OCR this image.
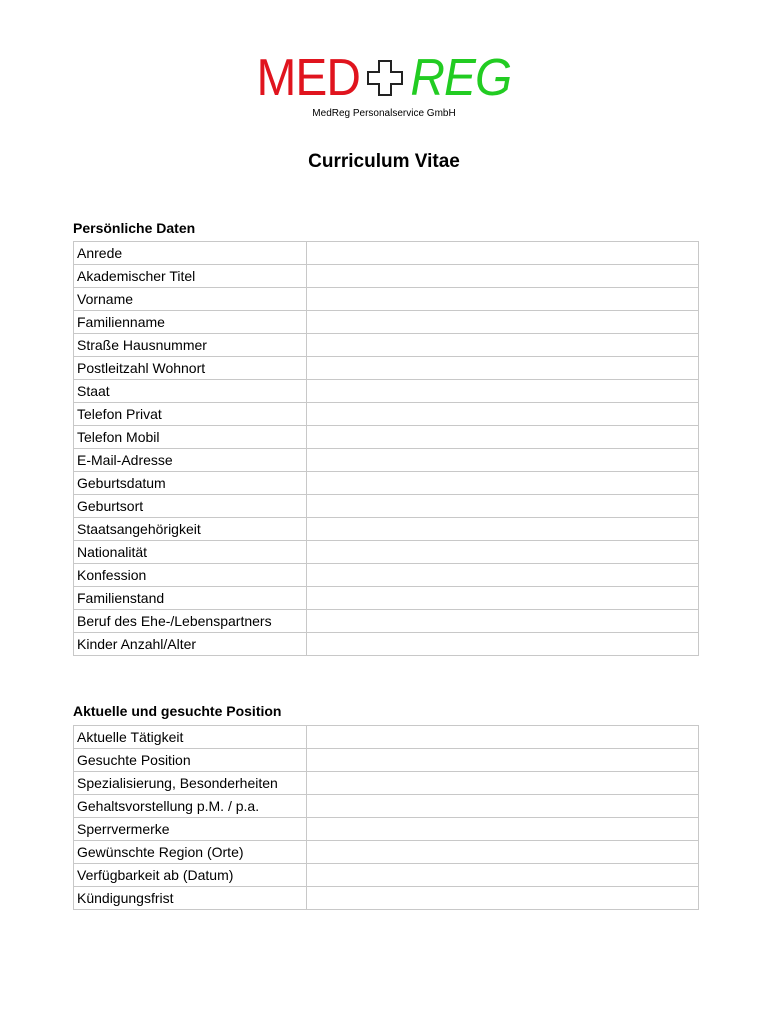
MED REG
MedReg Personalservice GmbH
Curriculum Vitae
Persönliche Daten
Anrede	
Akademischer Titel	
Vorname	
Familienname	
Straße Hausnummer	
Postleitzahl Wohnort	
Staat	
Telefon Privat	
Telefon Mobil	
E-Mail-Adresse	
Geburtsdatum	
Geburtsort	
Staatsangehörigkeit	
Nationalität	
Konfession	
Familienstand	
Beruf des Ehe-/Lebenspartners	
Kinder Anzahl/Alter	
Aktuelle und gesuchte Position
Aktuelle Tätigkeit	
Gesuchte Position	
Spezialisierung, Besonderheiten	
Gehaltsvorstellung p.M. / p.a.	
Sperrvermerke	
Gewünschte Region (Orte)	
Verfügbarkeit ab (Datum)	
Kündigungsfrist	
